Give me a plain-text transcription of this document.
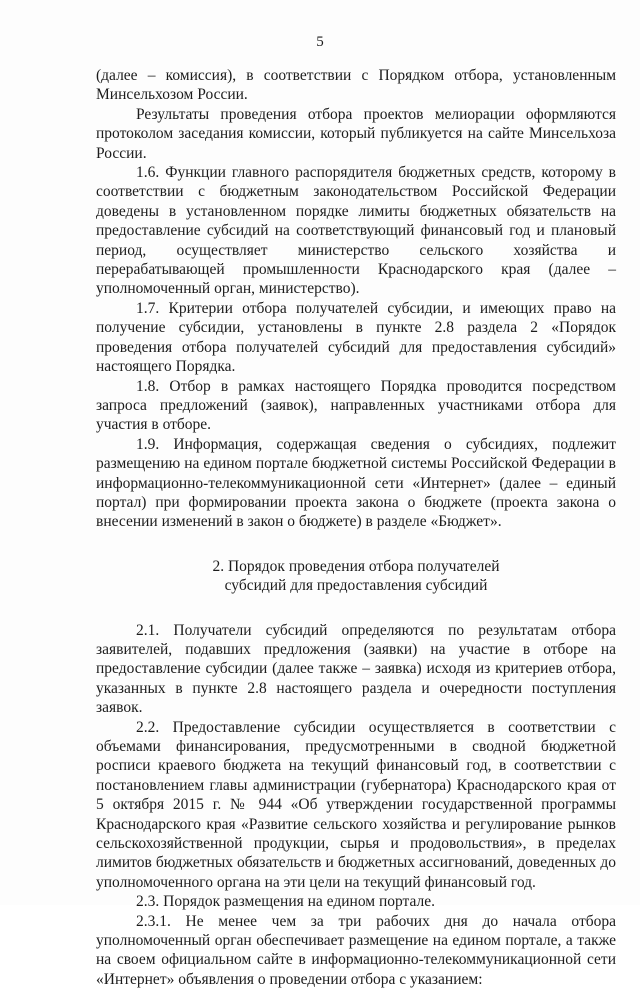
5

(далее – комиссия), в соответствии с Порядком отбора, установленным Минсельхозом России.

Результаты проведения отбора проектов мелиорации оформляются протоколом заседания комиссии, который публикуется на сайте Минсельхоза России.

1.6. Функции главного распорядителя бюджетных средств, которому в соответствии с бюджетным законодательством Российской Федерации доведены в установленном порядке лимиты бюджетных обязательств на предоставление субсидий на соответствующий финансовый год и плановый период, осуществляет министерство сельского хозяйства и перерабатывающей промышленности Краснодарского края (далее – уполномоченный орган, министерство).

1.7. Критерии отбора получателей субсидии, и имеющих право на получение субсидии, установлены в пункте 2.8 раздела 2 «Порядок проведения отбора получателей субсидий для предоставления субсидий» настоящего Порядка.

1.8. Отбор в рамках настоящего Порядка проводится посредством запроса предложений (заявок), направленных участниками отбора для участия в отборе.

1.9. Информация, содержащая сведения о субсидиях, подлежит размещению на едином портале бюджетной системы Российской Федерации в информационно-телекоммуникационной сети «Интернет» (далее – единый портал) при формировании проекта закона о бюджете (проекта закона о внесении изменений в закон о бюджете) в разделе «Бюджет».

2. Порядок проведения отбора получателей
субсидий для предоставления субсидий

2.1. Получатели субсидий определяются по результатам отбора заявителей, подавших предложения (заявки) на участие в отборе на предоставление субсидии (далее также – заявка) исходя из критериев отбора, указанных в пункте 2.8 настоящего раздела и очередности поступления заявок.

2.2. Предоставление субсидии осуществляется в соответствии с объемами финансирования, предусмотренными в сводной бюджетной росписи краевого бюджета на текущий финансовый год, в соответствии с постановлением главы администрации (губернатора) Краснодарского края от 5 октября 2015 г. № 944 «Об утверждении государственной программы Краснодарского края «Развитие сельского хозяйства и регулирование рынков сельскохозяйственной продукции, сырья и продовольствия», в пределах лимитов бюджетных обязательств и бюджетных ассигнований, доведенных до уполномоченного органа на эти цели на текущий финансовый год.

2.3. Порядок размещения на едином портале.

2.3.1. Не менее чем за три рабочих дня до начала отбора уполномоченный орган обеспечивает размещение на едином портале, а также на своем официальном сайте в информационно-телекоммуникационной сети «Интернет» объявления о проведении отбора с указанием:
